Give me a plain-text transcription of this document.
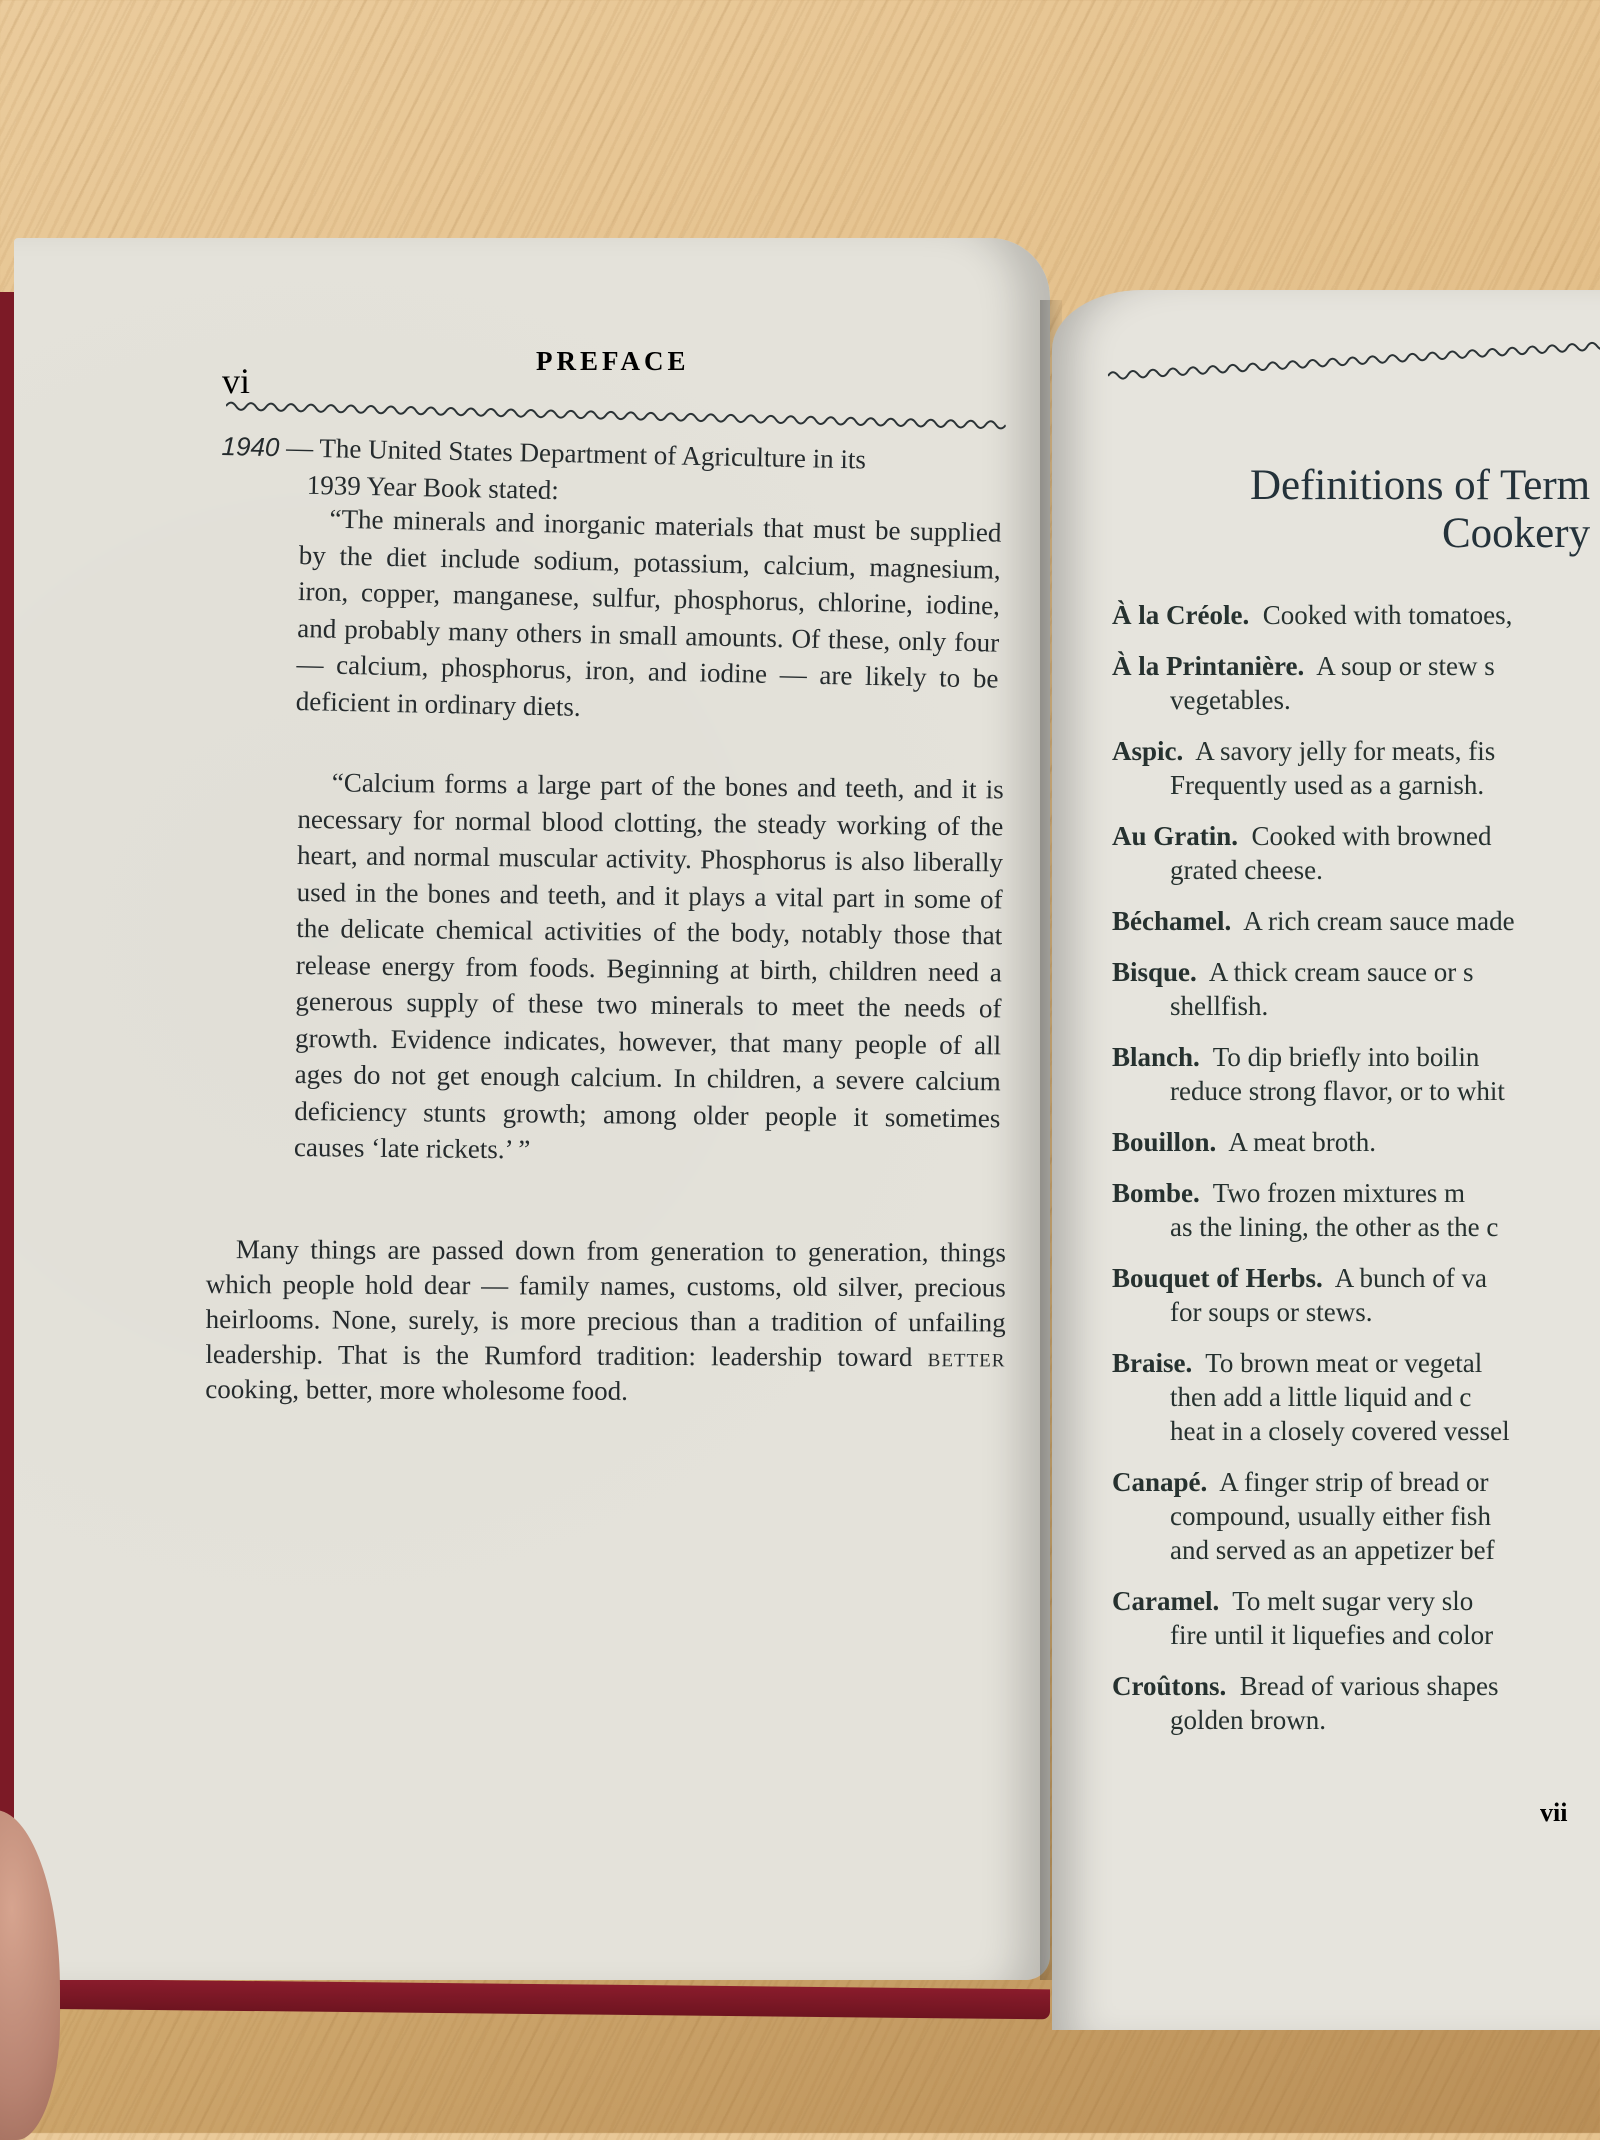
vi	PREFACE
1940 — The United States Department of Agriculture in its
1939 Year Book stated:
“The minerals and inorganic materials that must be supplied by the diet include sodium, potassium, calcium, magnesium, iron, copper, manganese, sulfur, phosphorus, chlorine, iodine, and probably many others in small amounts. Of these, only four — calcium, phosphorus, iron, and iodine — are likely to be deficient in ordinary diets.
“Calcium forms a large part of the bones and teeth, and it is necessary for normal blood clotting, the steady working of the heart, and normal muscular activity. Phosphorus is also liberally used in the bones and teeth, and it plays a vital part in some of the delicate chemical activities of the body, notably those that release energy from foods. Beginning at birth, children need a generous supply of these two minerals to meet the needs of growth. Evidence indicates, however, that many people of all ages do not get enough calcium. In children, a severe calcium deficiency stunts growth; among older people it sometimes causes ‘late rickets.’ ”
Many things are passed down from generation to generation, things which people hold dear — family names, customs, old silver, precious heirlooms. None, surely, is more precious than a tradition of unfailing leadership. That is the Rumford tradition: leadership toward better cooking, better, more wholesome food.
Definitions of Term
Cookery
À la Créole. Cooked with tomatoes,
À la Printanière. A soup or stew s
vegetables.
Aspic. A savory jelly for meats, fis
Frequently used as a garnish.
Au Gratin. Cooked with browned
grated cheese.
Béchamel. A rich cream sauce made
Bisque. A thick cream sauce or s
shellfish.
Blanch. To dip briefly into boilin
reduce strong flavor, or to whit
Bouillon. A meat broth.
Bombe. Two frozen mixtures m
as the lining, the other as the c
Bouquet of Herbs. A bunch of va
for soups or stews.
Braise. To brown meat or vegetal
then add a little liquid and c
heat in a closely covered vessel
Canapé. A finger strip of bread or
compound, usually either fish
and served as an appetizer bef
Caramel. To melt sugar very slo
fire until it liquefies and color
Croûtons. Bread of various shapes
golden brown.
vii
